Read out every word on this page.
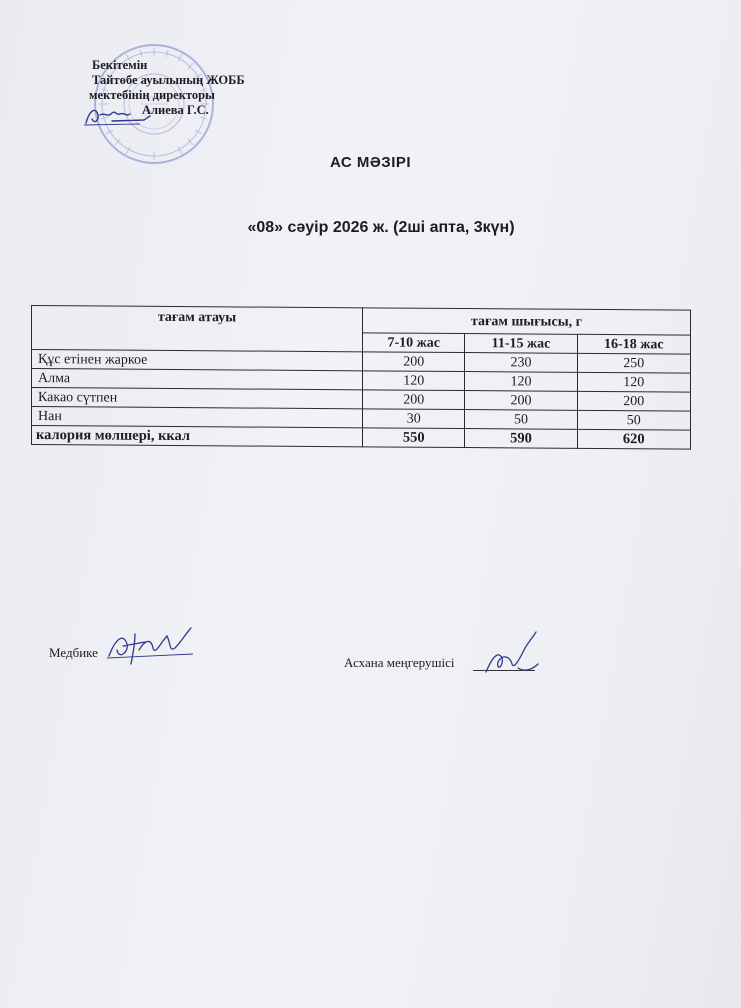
Бекітемін
Тайтөбе ауылының ЖОББ
мектебінің директоры
Алиева Г.С.
АС МӘЗІРІ
«08» сәуір 2026 ж. (2ші апта, 3күн)
тағам атауы	тағам шығысы, г		
	7-10 жас	11-15 жас	16-18 жас
Құс етінен жаркое	200	230	250
Алма	120	120	120
Какао сүтпен	200	200	200
Нан	30	50	50
калория мөлшері, ккал	550	590	620
Медбике
Асхана меңгерушісі
